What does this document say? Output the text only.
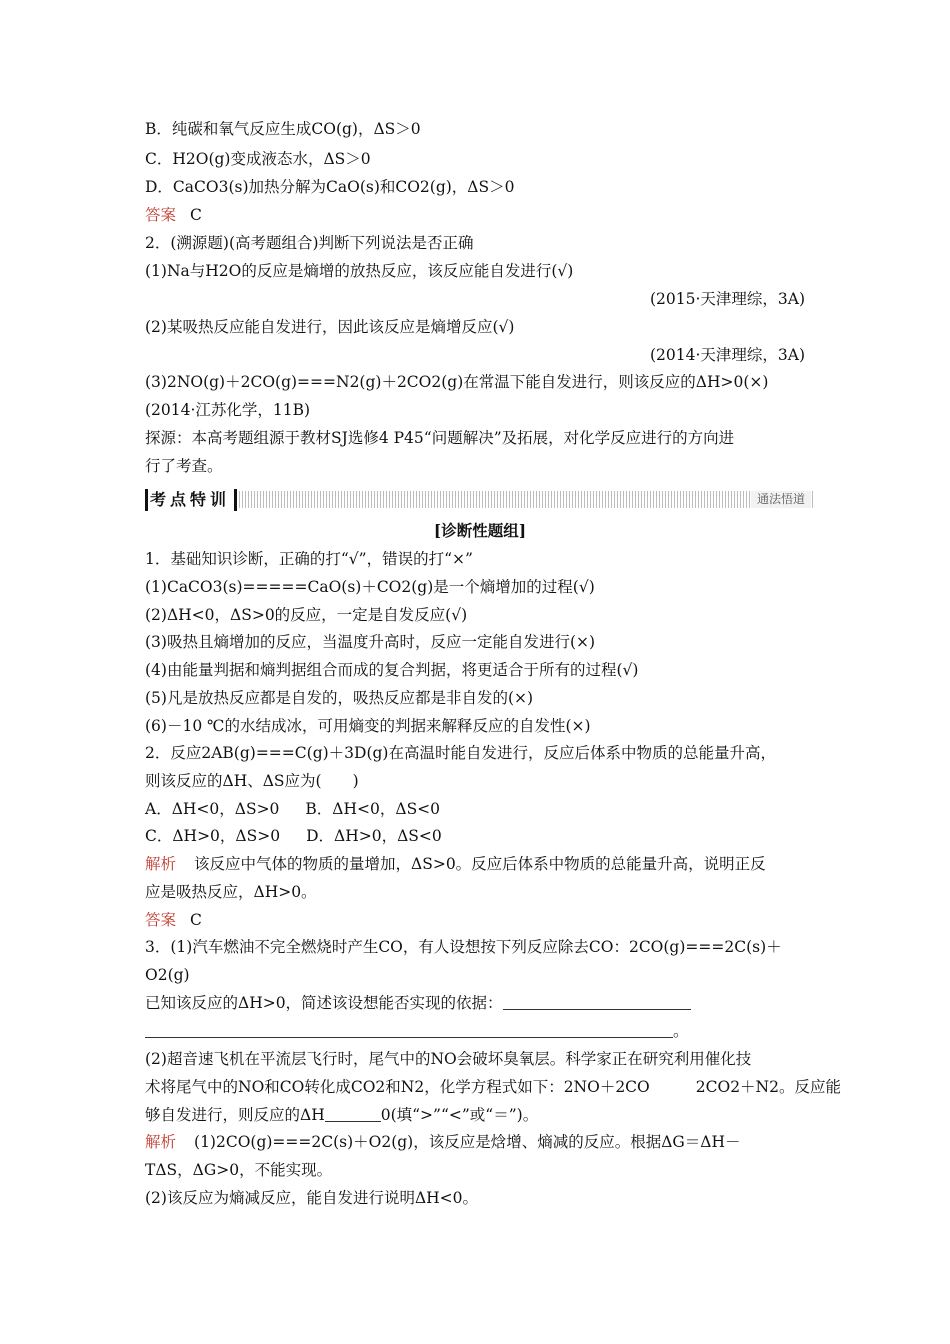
B．纯碳和氧气反应生成CO(g)，ΔS＞0
C．H2O(g)变成液态水，ΔS＞0
D．CaCO3(s)加热分解为CaO(s)和CO2(g)，ΔS＞0
答案 C
2．(溯源题)(高考题组合)判断下列说法是否正确
(1)Na与H2O的反应是熵增的放热反应，该反应能自发进行(√)
(2015·天津理综，3A)
(2)某吸热反应能自发进行，因此该反应是熵增反应(√)
(2014·天津理综，3A)
(3)2NO(g)＋2CO(g)===N2(g)＋2CO2(g)在常温下能自发进行，则该反应的ΔH>0(×)
(2014·江苏化学，11B)
探源：本高考题组源于教材SJ选修4 P45“问题解决”及拓展，对化学反应进行的方向进
行了考查。
考点特训	通法悟道
[诊断性题组]
1．基础知识诊断，正确的打“√”，错误的打“×”
(1)CaCO3(s)=====CaO(s)＋CO2(g)是一个熵增加的过程(√)
(2)ΔH<0，ΔS>0的反应，一定是自发反应(√)
(3)吸热且熵增加的反应，当温度升高时，反应一定能自发进行(×)
(4)由能量判据和熵判据组合而成的复合判据，将更适合于所有的过程(√)
(5)凡是放热反应都是自发的，吸热反应都是非自发的(×)
(6)－10 ℃的水结成冰，可用熵变的判据来解释反应的自发性(×)
2．反应2AB(g)===C(g)＋3D(g)在高温时能自发进行，反应后体系中物质的总能量升高，
则该反应的ΔH、ΔS应为(　　)
A．ΔH<0，ΔS>0 B．ΔH<0，ΔS<0
C．ΔH>0，ΔS>0 D．ΔH>0，ΔS<0
解析 该反应中气体的物质的量增加，ΔS>0。反应后体系中物质的总能量升高，说明正反
应是吸热反应，ΔH>0。
答案 C
3．(1)汽车燃油不完全燃烧时产生CO，有人设想按下列反应除去CO：2CO(g)===2C(s)＋
O2(g)
已知该反应的ΔH>0，简述该设想能否实现的依据：
。
(2)超音速飞机在平流层飞行时，尾气中的NO会破坏臭氧层。科学家正在研究利用催化技
术将尾气中的NO和CO转化成CO2和N2，化学方程式如下：2NO＋2CO	2CO2＋N2。反应能
够自发进行，则反应的ΔH	0(填“>”“<”或“＝”)。
解析 (1)2CO(g)===2C(s)＋O2(g)，该反应是焓增、熵减的反应。根据ΔG＝ΔH－
TΔS，ΔG>0，不能实现。
(2)该反应为熵减反应，能自发进行说明ΔH<0。
